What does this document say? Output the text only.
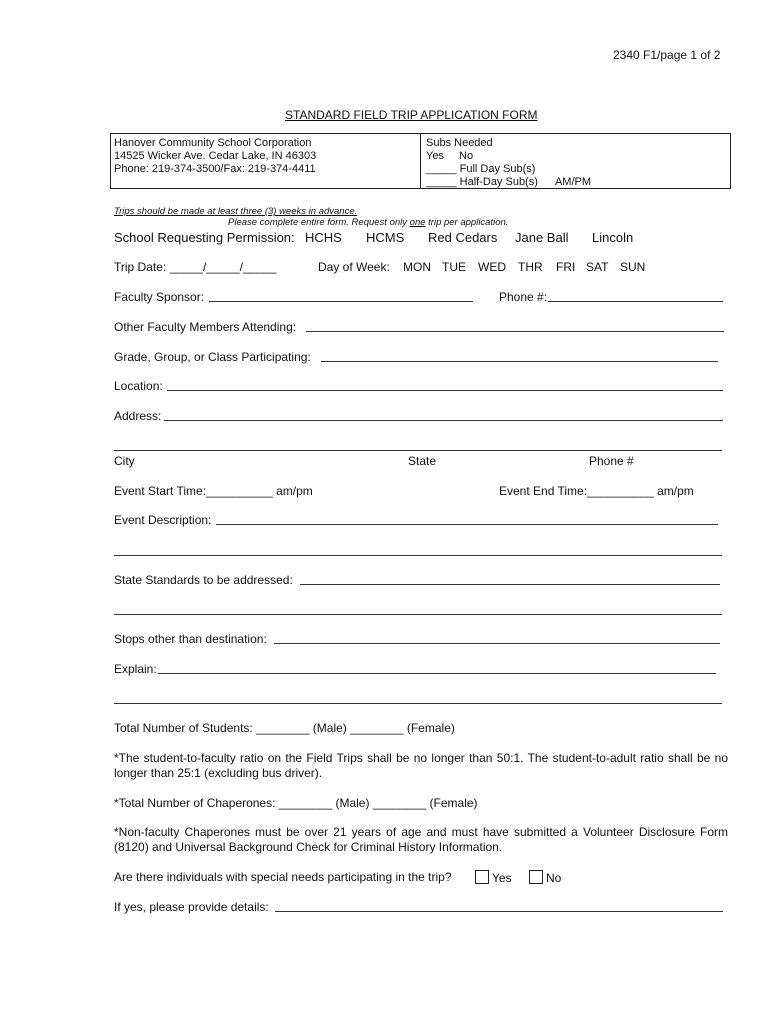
2340 F1/page 1 of 2
STANDARD FIELD TRIP APPLICATION FORM
Hanover Community School Corporation
14525 Wicker Ave. Cedar Lake, IN 46303
Phone: 219-374-3500/Fax: 219-374-4411
Subs Needed
Yes No
_____ Full Day Sub(s)
_____ Half-Day Sub(s) AM/PM
Trips should be made at least three (3) weeks in advance.
Please complete entire form. Request only one trip per application.
School Requesting Permission: HCHS HCMS Red Cedars Jane Ball Lincoln
Trip Date: _____/_____/_____	Day of Week: MON TUE WED THR FRI SAT SUN
Faculty Sponsor:	Phone #:
Other Faculty Members Attending:
Grade, Group, or Class Participating:
Location:
Address:
City	State	Phone #
Event Start Time:__________ am/pm	Event End Time:__________ am/pm
Event Description:
State Standards to be addressed:
Stops other than destination:
Explain:
Total Number of Students: ________ (Male) ________ (Female)
*The student-to-faculty ratio on the Field Trips shall be no longer than 50:1. The student-to-adult ratio shall be no longer than 25:1 (excluding bus driver).
*Total Number of Chaperones: ________ (Male) ________ (Female)
*Non-faculty Chaperones must be over 21 years of age and must have submitted a Volunteer Disclosure Form (8120) and Universal Background Check for Criminal History Information.
Are there individuals with special needs participating in the trip?	Yes	No
If yes, please provide details:
